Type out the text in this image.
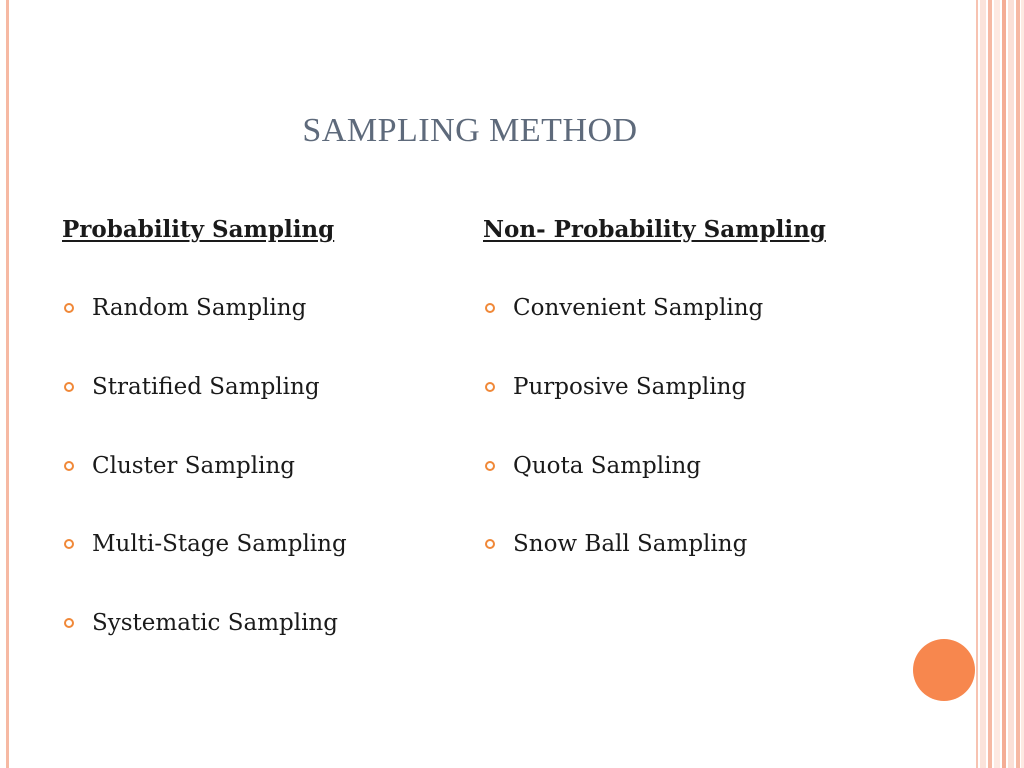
SAMPLING METHOD

Probability Sampling

Random Sampling
Stratified Sampling
Cluster Sampling
Multi-Stage Sampling
Systematic Sampling

Non- Probability Sampling

Convenient Sampling
Purposive Sampling
Quota Sampling
Snow Ball Sampling
